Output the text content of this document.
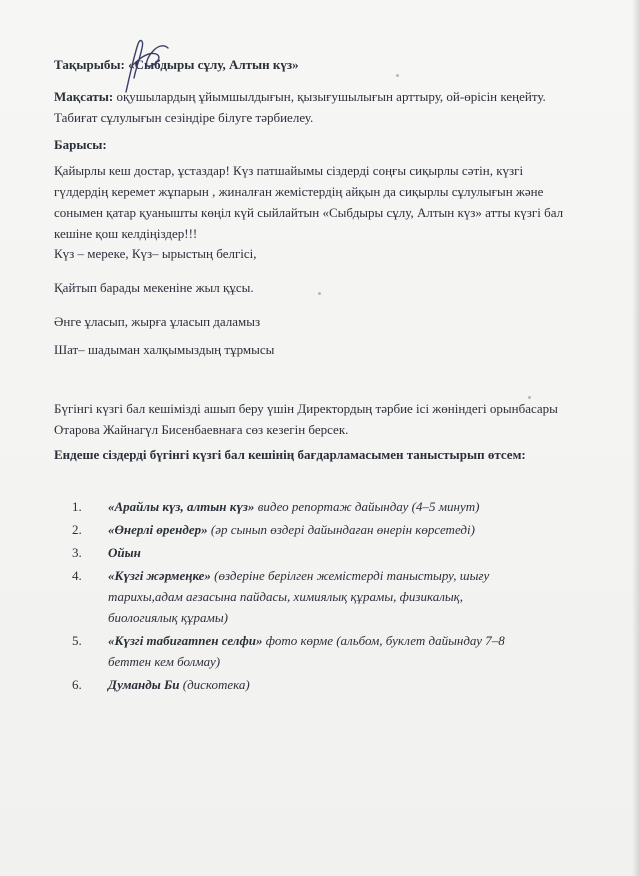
Тақырыбы: «Сыбдыры сұлу, Алтын күз»
Мақсаты: оқушылардың ұйымшылдығын, қызығушылығын арттыру, ой-өрісін кеңейту. Табиғат сұлулығын сезіндіре білуге тәрбиелеу.
Барысы:
Қайырлы кеш достар, ұстаздар! Күз патшайымы сіздерді соңғы сиқырлы сәтін, күзгі гүлдердің керемет жұпарын , жиналған жемістердің айқын да сиқырлы сұлулығын және сонымен қатар қуанышты көңіл күй сыйлайтын «Сыбдыры сұлу, Алтын күз» атты күзгі бал кешіне қош келдіңіздер!!!
Күз – мереке, Күз– ырыстың белгісі,
Қайтып барады мекеніне жыл құсы.
Әнге ұласып, жырға ұласып даламыз
Шат– шадыман халқымыздың тұрмысы
Бүгінгі күзгі бал кешімізді ашып беру үшін Директордың тәрбие ісі жөніндегі орынбасары Отарова Жайнагүл Бисенбаевнаға сөз кезегін берсек.
Ендеше сіздерді бүгінгі күзгі бал кешінің бағдарламасымен таныстырып өтсем:
1. «Арайлы күз, алтын күз» видео репортаж дайындау (4–5 минут)
2. «Өнерлі өрендер» (әр сынып өздері дайындаған өнерін көрсетеді)
3. Ойын
4. «Күзгі жәрмеңке» (өздеріне берілген жемістерді таныстыру, шығу тарихы,адам ағзасына пайдасы, химиялық құрамы, физикалық, биологиялық құрамы)
5. «Күзгі табиғатпен селфи» фото көрме (альбом, буклет дайындау 7–8 беттен кем болмау)
6. Думанды Би (дискотека)
